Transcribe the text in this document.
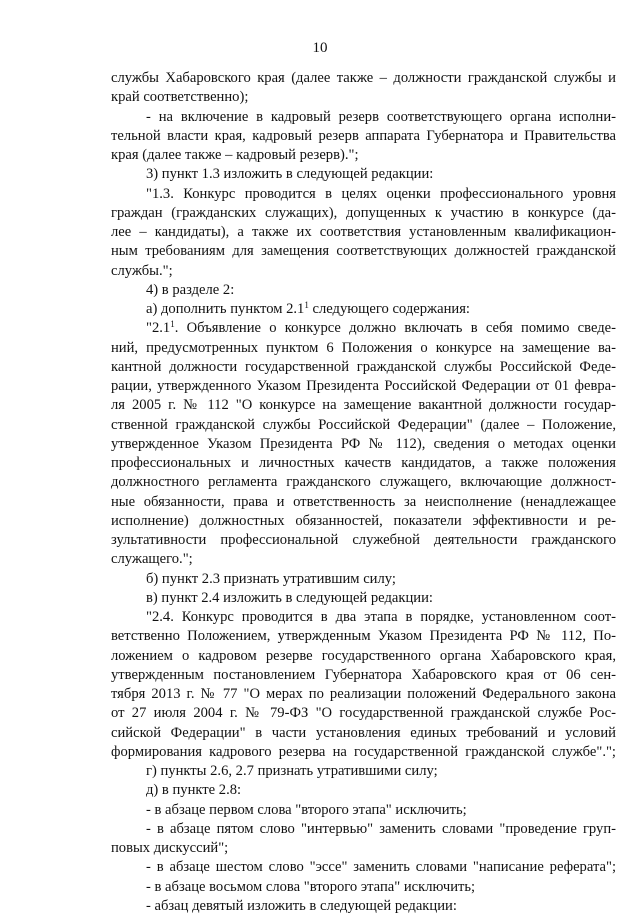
10
службы Хабаровского края (далее также – должности гражданской службы и
край соответственно);
- на включение в кадровый резерв соответствующего органа исполни-
тельной власти края, кадровый резерв аппарата Губернатора и Правительства
края (далее также – кадровый резерв).";
3) пункт 1.3 изложить в следующей редакции:
"1.3. Конкурс проводится в целях оценки профессионального уровня
граждан (гражданских служащих), допущенных к участию в конкурсе (да-
лее – кандидаты), а также их соответствия установленным квалификацион-
ным требованиям для замещения соответствующих должностей гражданской
службы.";
4) в разделе 2:
а) дополнить пунктом $2.1^1$ следующего содержания:
"$2.1^1$. Объявление о конкурсе должно включать в себя помимо сведе-
ний, предусмотренных пунктом 6 Положения о конкурсе на замещение ва-
кантной должности государственной гражданской службы Российской Феде-
рации, утвержденного Указом Президента Российской Федерации от 01 февра-
ля 2005 г. № 112 "О конкурсе на замещение вакантной должности государ-
ственной гражданской службы Российской Федерации" (далее – Положение,
утвержденное Указом Президента РФ № 112), сведения о методах оценки
профессиональных и личностных качеств кандидатов, а также положения
должностного регламента гражданского служащего, включающие должност-
ные обязанности, права и ответственность за неисполнение (ненадлежащее
исполнение) должностных обязанностей, показатели эффективности и ре-
зультативности профессиональной служебной деятельности гражданского
служащего.";
б) пункт 2.3 признать утратившим силу;
в) пункт 2.4 изложить в следующей редакции:
"2.4. Конкурс проводится в два этапа в порядке, установленном соот-
ветственно Положением, утвержденным Указом Президента РФ № 112, По-
ложением о кадровом резерве государственного органа Хабаровского края,
утвержденным постановлением Губернатора Хабаровского края от 06 сен-
тября 2013 г. № 77 "О мерах по реализации положений Федерального закона
от 27 июля 2004 г. № 79-ФЗ "О государственной гражданской службе Рос-
сийской Федерации" в части установления единых требований и условий
формирования кадрового резерва на государственной гражданской службе".";
г) пункты 2.6, 2.7 признать утратившими силу;
д) в пункте 2.8:
- в абзаце первом слова "второго этапа" исключить;
- в абзаце пятом слово "интервью" заменить словами "проведение груп-
повых дискуссий";
- в абзаце шестом слово "эссе" заменить словами "написание реферата";
- в абзаце восьмом слова "второго этапа" исключить;
- абзац девятый изложить в следующей редакции:
